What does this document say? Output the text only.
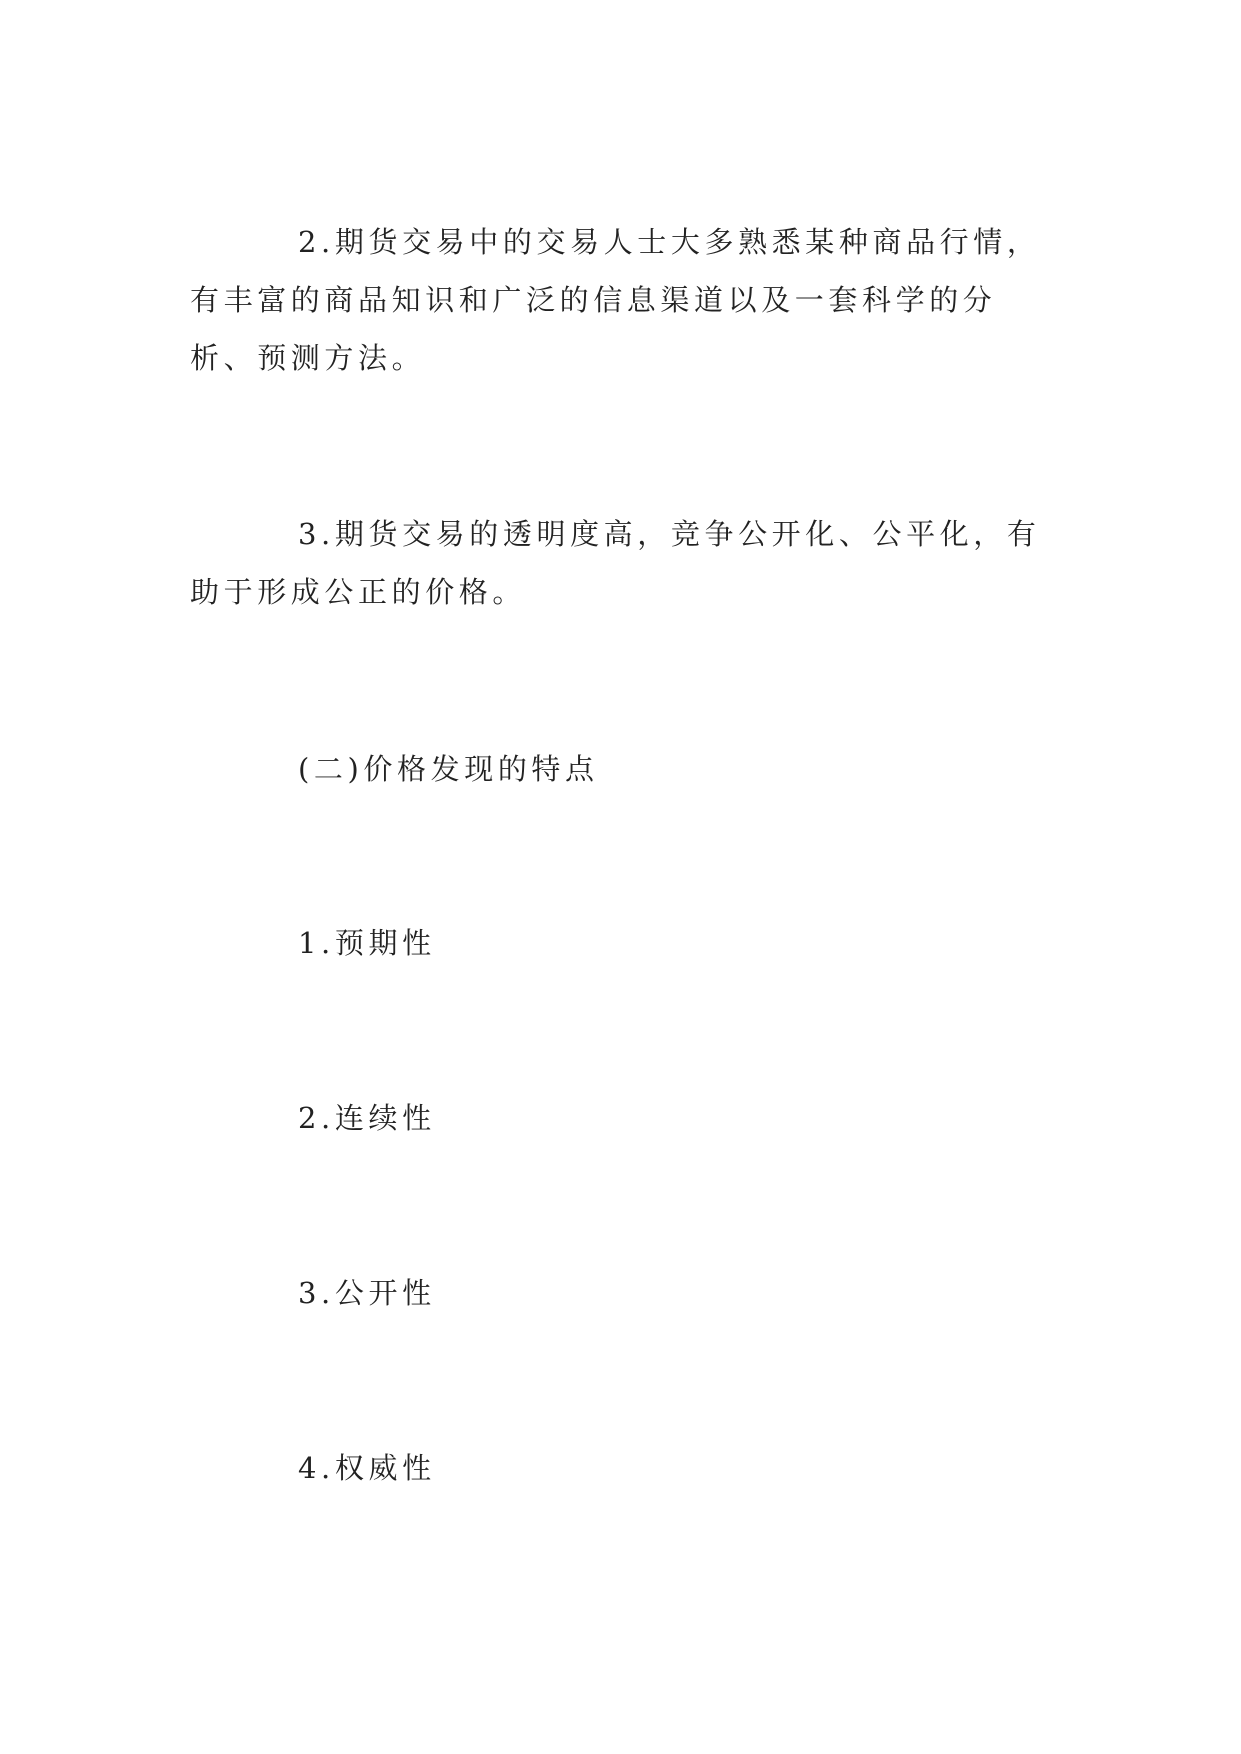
2.期货交易中的交易人士大多熟悉某种商品行情，有丰富的商品知识和广泛的信息渠道以及一套科学的分析、预测方法。

3.期货交易的透明度高，竞争公开化、公平化，有助于形成公正的价格。

(二)价格发现的特点

1.预期性

2.连续性

3.公开性

4.权威性
